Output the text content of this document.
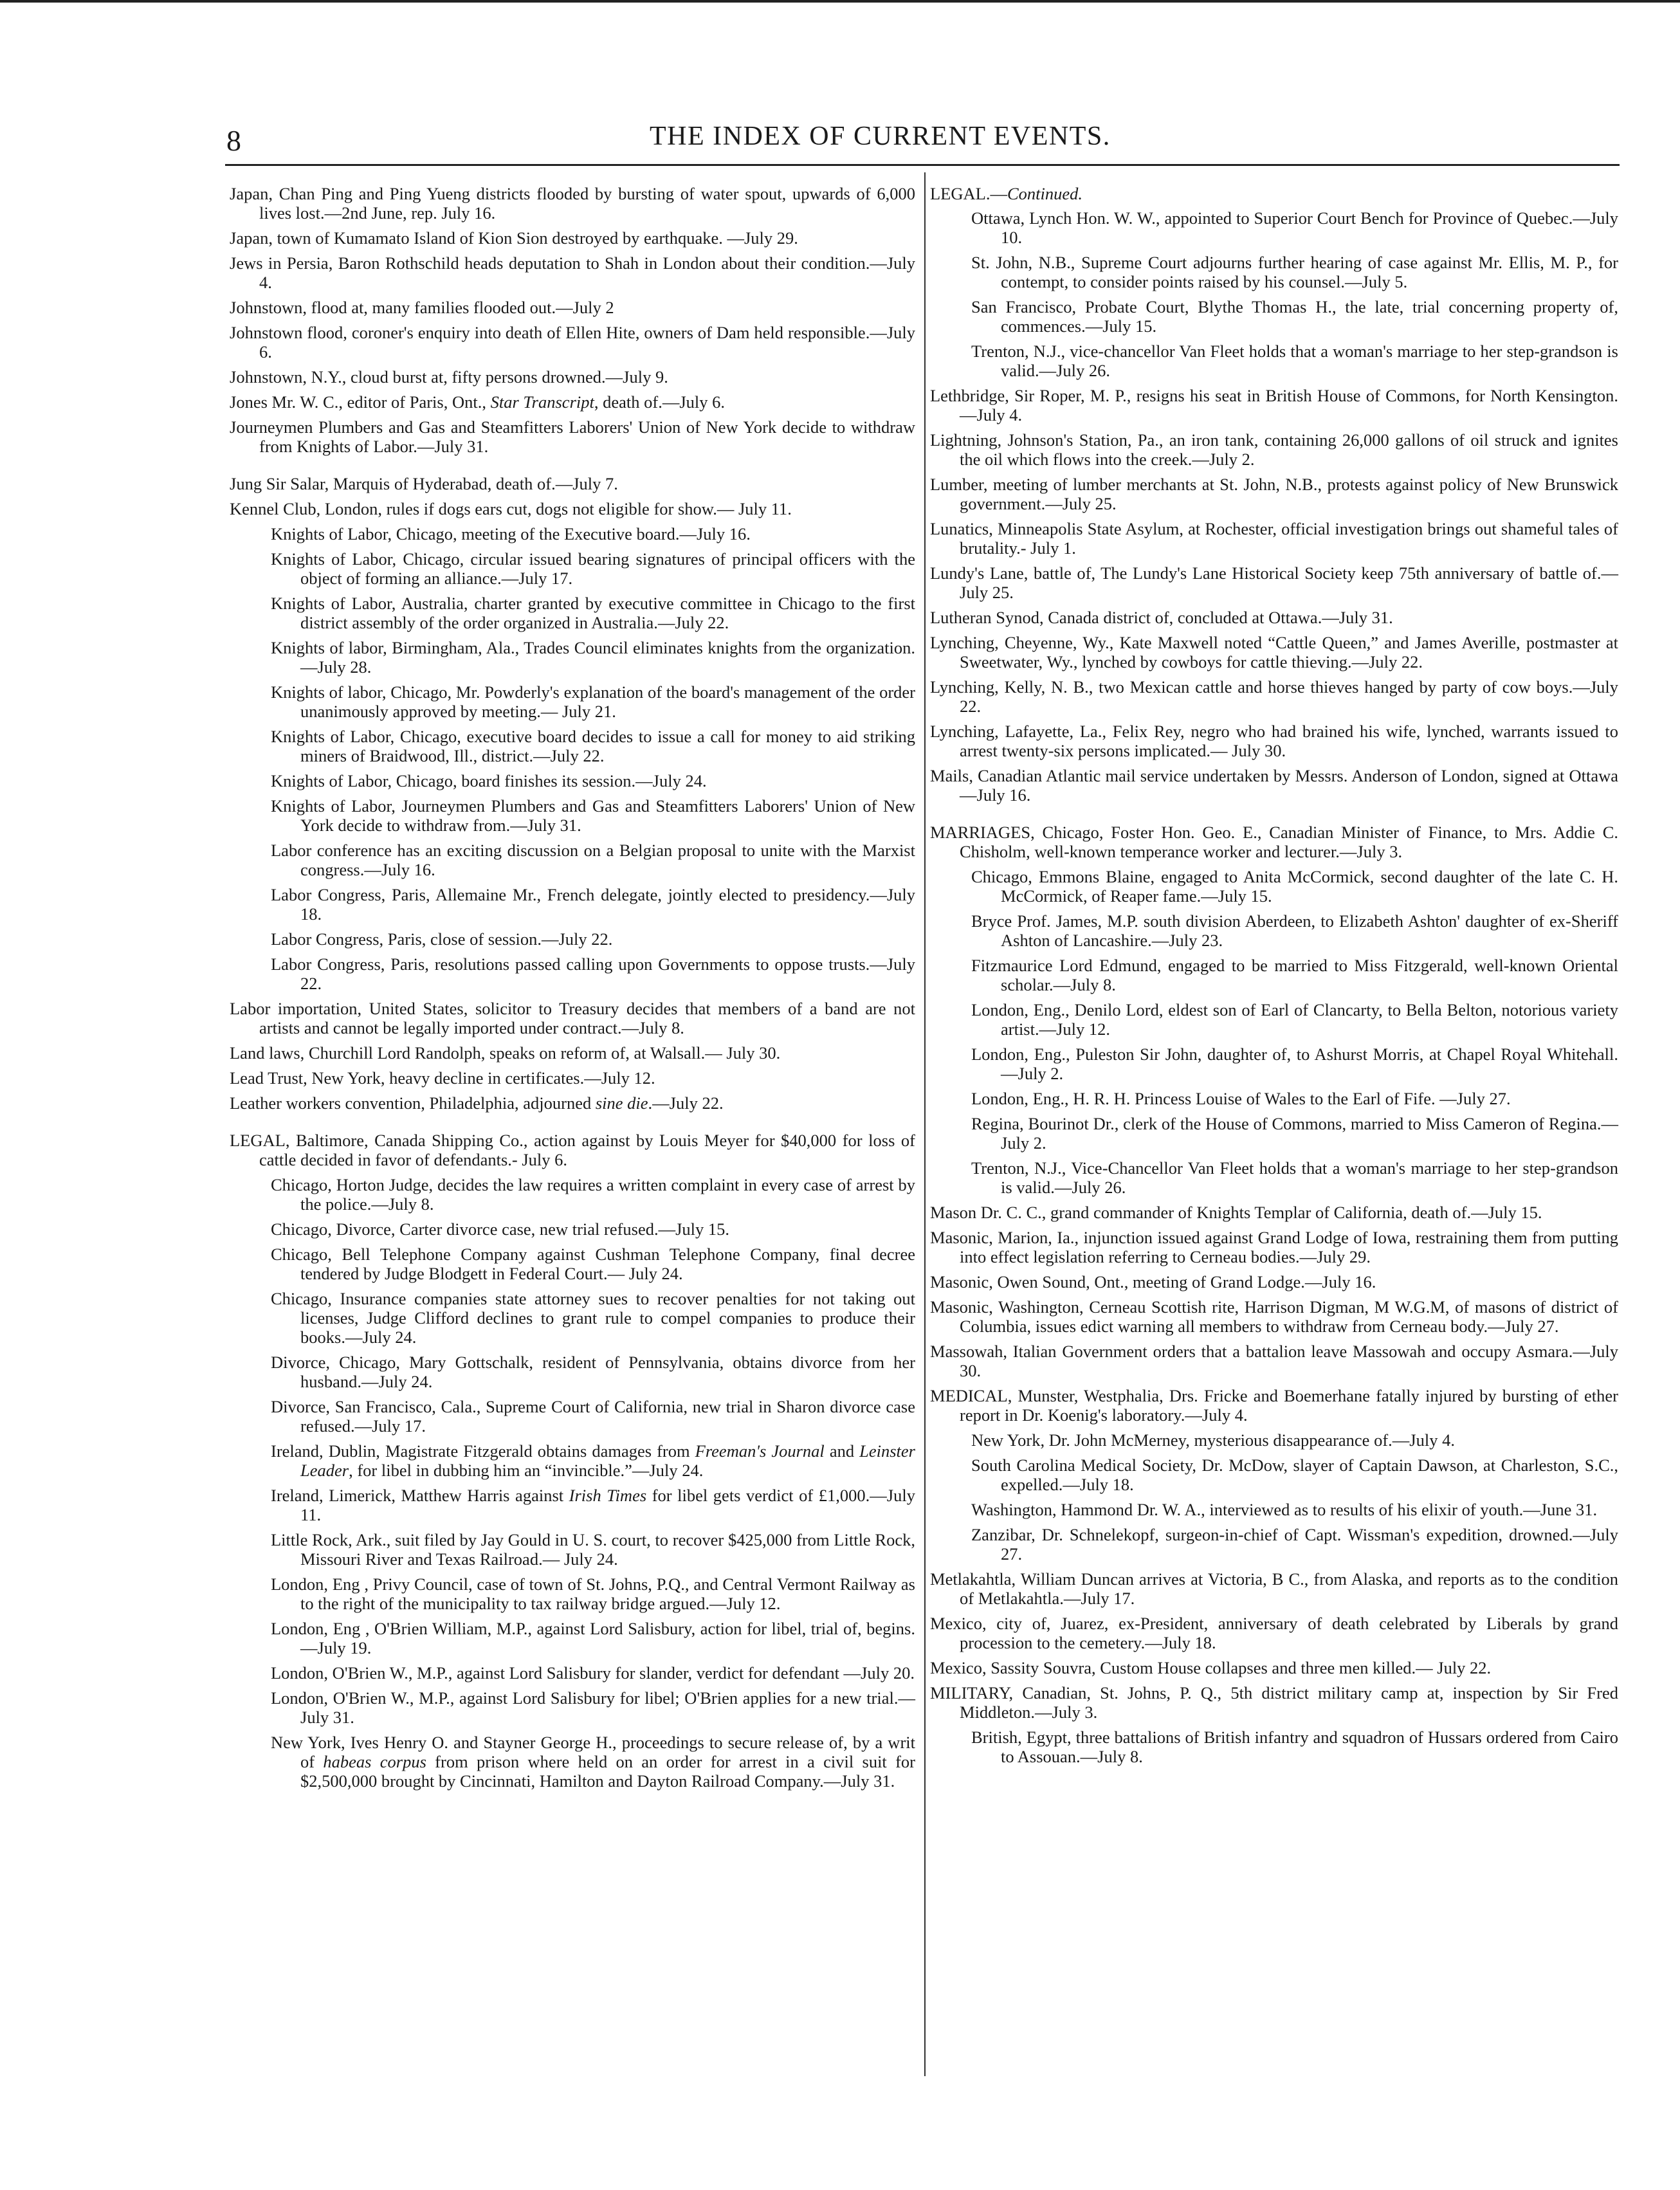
8	THE INDEX OF CURRENT EVENTS.

Japan, Chan Ping and Ping Yueng districts flooded by bursting of water spout, upwards of 6,000 lives lost.—2nd June, rep. July 16.

Japan, town of Kumamato Island of Kion Sion destroyed by earthquake. —July 29.

Jews in Persia, Baron Rothschild heads deputation to Shah in London about their condition.—July 4.

Johnstown, flood at, many families flooded out.—July 2

Johnstown flood, coroner's enquiry into death of Ellen Hite, owners of Dam held responsible.—July 6.

Johnstown, N.Y., cloud burst at, fifty persons drowned.—July 9.

Jones Mr. W. C., editor of Paris, Ont., Star Transcript, death of.—July 6.

Journeymen Plumbers and Gas and Steamfitters Laborers' Union of New York decide to withdraw from Knights of Labor.—July 31.

Jung Sir Salar, Marquis of Hyderabad, death of.—July 7.

Kennel Club, London, rules if dogs ears cut, dogs not eligible for show.— July 11.

Knights of Labor, Chicago, meeting of the Executive board.—July 16.

Knights of Labor, Chicago, circular issued bearing signatures of principal officers with the object of forming an alliance.—July 17.

Knights of Labor, Australia, charter granted by executive committee in Chicago to the first district assembly of the order organized in Australia.—July 22.

Knights of labor, Birmingham, Ala., Trades Council eliminates knights from the organization.—July 28.

Knights of labor, Chicago, Mr. Powderly's explanation of the board's management of the order unanimously approved by meeting.— July 21.

Knights of Labor, Chicago, executive board decides to issue a call for money to aid striking miners of Braidwood, Ill., district.—July 22.

Knights of Labor, Chicago, board finishes its session.—July 24.

Knights of Labor, Journeymen Plumbers and Gas and Steamfitters Laborers' Union of New York decide to withdraw from.—July 31.

Labor conference has an exciting discussion on a Belgian proposal to unite with the Marxist congress.—July 16.

Labor Congress, Paris, Allemaine Mr., French delegate, jointly elected to presidency.—July 18.

Labor Congress, Paris, close of session.—July 22.

Labor Congress, Paris, resolutions passed calling upon Governments to oppose trusts.—July 22.

Labor importation, United States, solicitor to Treasury decides that members of a band are not artists and cannot be legally imported under contract.—July 8.

Land laws, Churchill Lord Randolph, speaks on reform of, at Walsall.— July 30.

Lead Trust, New York, heavy decline in certificates.—July 12.

Leather workers convention, Philadelphia, adjourned sine die.—July 22.

LEGAL, Baltimore, Canada Shipping Co., action against by Louis Meyer for $40,000 for loss of cattle decided in favor of defendants.- July 6.

Chicago, Horton Judge, decides the law requires a written complaint in every case of arrest by the police.—July 8.

Chicago, Divorce, Carter divorce case, new trial refused.—July 15.

Chicago, Bell Telephone Company against Cushman Telephone Company, final decree tendered by Judge Blodgett in Federal Court.— July 24.

Chicago, Insurance companies state attorney sues to recover penalties for not taking out licenses, Judge Clifford declines to grant rule to compel companies to produce their books.—July 24.

Divorce, Chicago, Mary Gottschalk, resident of Pennsylvania, obtains divorce from her husband.—July 24.

Divorce, San Francisco, Cala., Supreme Court of California, new trial in Sharon divorce case refused.—July 17.

Ireland, Dublin, Magistrate Fitzgerald obtains damages from Freeman's Journal and Leinster Leader, for libel in dubbing him an “invincible.”—July 24.

Ireland, Limerick, Matthew Harris against Irish Times for libel gets verdict of £1,000.—July 11.

Little Rock, Ark., suit filed by Jay Gould in U. S. court, to recover $425,000 from Little Rock, Missouri River and Texas Railroad.— July 24.

London, Eng , Privy Council, case of town of St. Johns, P.Q., and Central Vermont Railway as to the right of the municipality to tax railway bridge argued.—July 12.

London, Eng , O'Brien William, M.P., against Lord Salisbury, action for libel, trial of, begins.—July 19.

London, O'Brien W., M.P., against Lord Salisbury for slander, verdict for defendant —July 20.

London, O'Brien W., M.P., against Lord Salisbury for libel; O'Brien applies for a new trial.—July 31.

New York, Ives Henry O. and Stayner George H., proceedings to secure release of, by a writ of habeas corpus from prison where held on an order for arrest in a civil suit for $2,500,000 brought by Cincinnati, Hamilton and Dayton Railroad Company.—July 31.

LEGAL.—Continued.

Ottawa, Lynch Hon. W. W., appointed to Superior Court Bench for Province of Quebec.—July 10.

St. John, N.B., Supreme Court adjourns further hearing of case against Mr. Ellis, M. P., for contempt, to consider points raised by his counsel.—July 5.

San Francisco, Probate Court, Blythe Thomas H., the late, trial concerning property of, commences.—July 15.

Trenton, N.J., vice-chancellor Van Fleet holds that a woman's marriage to her step-grandson is valid.—July 26.

Lethbridge, Sir Roper, M. P., resigns his seat in British House of Commons, for North Kensington.—July 4.

Lightning, Johnson's Station, Pa., an iron tank, containing 26,000 gallons of oil struck and ignites the oil which flows into the creek.—July 2.

Lumber, meeting of lumber merchants at St. John, N.B., protests against policy of New Brunswick government.—July 25.

Lunatics, Minneapolis State Asylum, at Rochester, official investigation brings out shameful tales of brutality.- July 1.

Lundy's Lane, battle of, The Lundy's Lane Historical Society keep 75th anniversary of battle of.—July 25.

Lutheran Synod, Canada district of, concluded at Ottawa.—July 31.

Lynching, Cheyenne, Wy., Kate Maxwell noted “Cattle Queen,” and James Averille, postmaster at Sweetwater, Wy., lynched by cowboys for cattle thieving.—July 22.

Lynching, Kelly, N. B., two Mexican cattle and horse thieves hanged by party of cow boys.—July 22.

Lynching, Lafayette, La., Felix Rey, negro who had brained his wife, lynched, warrants issued to arrest twenty-six persons implicated.— July 30.

Mails, Canadian Atlantic mail service undertaken by Messrs. Anderson of London, signed at Ottawa —July 16.

MARRIAGES, Chicago, Foster Hon. Geo. E., Canadian Minister of Finance, to Mrs. Addie C. Chisholm, well-known temperance worker and lecturer.—July 3.

Chicago, Emmons Blaine, engaged to Anita McCormick, second daughter of the late C. H. McCormick, of Reaper fame.—July 15.

Bryce Prof. James, M.P. south division Aberdeen, to Elizabeth Ashton' daughter of ex-Sheriff Ashton of Lancashire.—July 23.

Fitzmaurice Lord Edmund, engaged to be married to Miss Fitzgerald, well-known Oriental scholar.—July 8.

London, Eng., Denilo Lord, eldest son of Earl of Clancarty, to Bella Belton, notorious variety artist.—July 12.

London, Eng., Puleston Sir John, daughter of, to Ashurst Morris, at Chapel Royal Whitehall.—July 2.

London, Eng., H. R. H. Princess Louise of Wales to the Earl of Fife. —July 27.

Regina, Bourinot Dr., clerk of the House of Commons, married to Miss Cameron of Regina.—July 2.

Trenton, N.J., Vice-Chancellor Van Fleet holds that a woman's marriage to her step-grandson is valid.—July 26.

Mason Dr. C. C., grand commander of Knights Templar of California, death of.—July 15.

Masonic, Marion, Ia., injunction issued against Grand Lodge of Iowa, restraining them from putting into effect legislation referring to Cerneau bodies.—July 29.

Masonic, Owen Sound, Ont., meeting of Grand Lodge.—July 16.

Masonic, Washington, Cerneau Scottish rite, Harrison Digman, M W.G.M, of masons of district of Columbia, issues edict warning all members to withdraw from Cerneau body.—July 27.

Massowah, Italian Government orders that a battalion leave Massowah and occupy Asmara.—July 30.

MEDICAL, Munster, Westphalia, Drs. Fricke and Boemerhane fatally injured by bursting of ether report in Dr. Koenig's laboratory.—July 4.

New York, Dr. John McMerney, mysterious disappearance of.—July 4.

South Carolina Medical Society, Dr. McDow, slayer of Captain Dawson, at Charleston, S.C., expelled.—July 18.

Washington, Hammond Dr. W. A., interviewed as to results of his elixir of youth.—June 31.

Zanzibar, Dr. Schnelekopf, surgeon-in-chief of Capt. Wissman's expedition, drowned.—July 27.

Metlakahtla, William Duncan arrives at Victoria, B C., from Alaska, and reports as to the condition of Metlakahtla.—July 17.

Mexico, city of, Juarez, ex-President, anniversary of death celebrated by Liberals by grand procession to the cemetery.—July 18.

Mexico, Sassity Souvra, Custom House collapses and three men killed.— July 22.

MILITARY, Canadian, St. Johns, P. Q., 5th district military camp at, inspection by Sir Fred Middleton.—July 3.

British, Egypt, three battalions of British infantry and squadron of Hussars ordered from Cairo to Assouan.—July 8.
